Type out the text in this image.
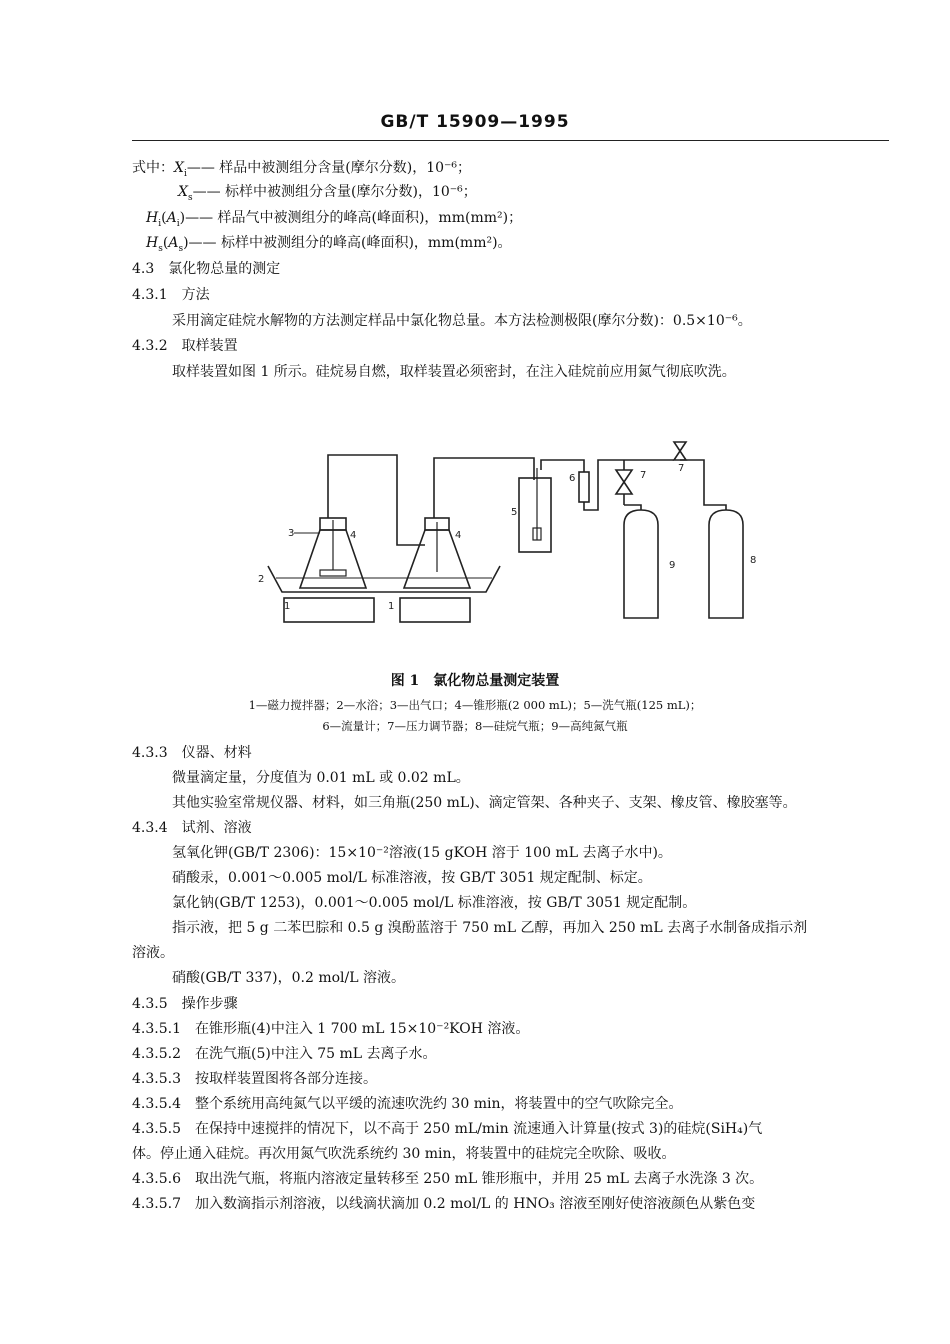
GB/T 15909—1995
式中：$X_i——$ 样品中被测组分含量(摩尔分数)，10⁻⁶；
$X_s——$ 标样中被测组分含量(摩尔分数)，10⁻⁶；
$H_i(A_i)——$ 样品气中被测组分的峰高(峰面积)，mm(mm²)；
$H_s(A_s)——$ 标样中被测组分的峰高(峰面积)，mm(mm²)。
4.3　 氯化物总量的测定
4.3.1　 方法
采用滴定硅烷水解物的方法测定样品中氯化物总量。本方法检测极限(摩尔分数)：0.5×10⁻⁶。
4.3.2　 取样装置
取样装置如图 1 所示。硅烷易自燃，取样装置必须密封，在注入硅烷前应用氮气彻底吹洗。
3	4	4
2
1	1
5
6	7
7
8
9
图 1　氯化物总量测定装置
1—磁力搅拌器；2—水浴；3—出气口；4—锥形瓶(2 000 mL)；5—洗气瓶(125 mL)；
6—流量计；7—压力调节器；8—硅烷气瓶；9—高纯氮气瓶
4.3.3　 仪器、材料
微量滴定量，分度值为 0.01 mL 或 0.02 mL。
其他实验室常规仪器、材料，如三角瓶(250 mL)、滴定管架、各种夹子、支架、橡皮管、橡胶塞等。
4.3.4　 试剂、溶液
氢氧化钾(GB/T 2306)：15×10⁻²溶液(15 gKOH 溶于 100 mL 去离子水中)。
硝酸汞，0.001～0.005 mol/L 标准溶液，按 GB/T 3051 规定配制、标定。
氯化钠(GB/T 1253)，0.001～0.005 mol/L 标准溶液，按 GB/T 3051 规定配制。
指示液，把 5 g 二苯巴腙和 0.5 g 溴酚蓝溶于 750 mL 乙醇，再加入 250 mL 去离子水制备成指示剂
溶液。
硝酸(GB/T 337)，0.2 mol/L 溶液。
4.3.5　 操作步骤
4.3.5.1　 在锥形瓶(4)中注入 1 700 mL 15×10⁻²KOH 溶液。
4.3.5.2　 在洗气瓶(5)中注入 75 mL 去离子水。
4.3.5.3　 按取样装置图将各部分连接。
4.3.5.4　 整个系统用高纯氮气以平缓的流速吹洗约 30 min，将装置中的空气吹除完全。
4.3.5.5　 在保持中速搅拌的情况下，以不高于 250 mL/min 流速通入计算量(按式 3)的硅烷(SiH₄)气
体。停止通入硅烷。再次用氮气吹洗系统约 30 min，将装置中的硅烷完全吹除、吸收。
4.3.5.6　 取出洗气瓶，将瓶内溶液定量转移至 250 mL 锥形瓶中，并用 25 mL 去离子水洗涤 3 次。
4.3.5.7　 加入数滴指示剂溶液，以线滴状滴加 0.2 mol/L 的 HNO₃ 溶液至刚好使溶液颜色从紫色变
